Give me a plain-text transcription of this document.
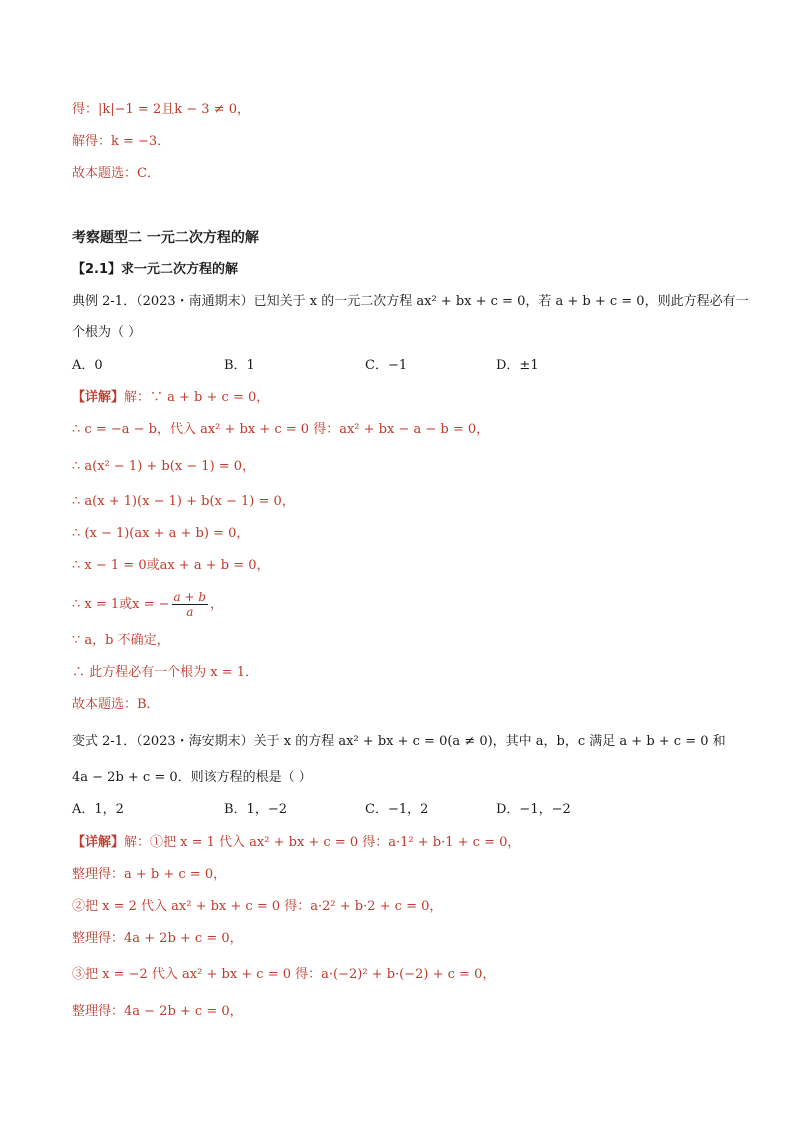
得：|k|−1 = 2且k − 3 ≠ 0，
解得：k = −3．
故本题选：C．
考察题型二 一元二次方程的解
【2.1】求一元二次方程的解
典例 2-1．（2023・南通期末）已知关于 x 的一元二次方程 ax² + bx + c = 0，若 a + b + c = 0，则此方程必有一
个根为（ ）
A．0	B．1	C．−1	D．±1
【详解】解：∵ a + b + c = 0，
∴ c = −a − b，代入 ax² + bx + c = 0 得：ax² + bx − a − b = 0，
∴ a(x² − 1) + b(x − 1) = 0，
∴ a(x + 1)(x − 1) + b(x − 1) = 0，
∴ (x − 1)(ax + a + b) = 0，
∴ x − 1 = 0或ax + a + b = 0，
∴ x = 1或x = − $\frac{a + b}{a}$ ，
∵ a，b 不确定，
∴ 此方程必有一个根为 x = 1．
故本题选：B．
变式 2-1．（2023・海安期末）关于 x 的方程 ax² + bx + c = 0(a ≠ 0)，其中 a，b，c 满足 a + b + c = 0 和
4a − 2b + c = 0．则该方程的根是（ ）
A．1，2	B．1，−2	C．−1，2	D．−1，−2
【详解】解：①把 x = 1 代入 ax² + bx + c = 0 得：a·1² + b·1 + c = 0，
整理得：a + b + c = 0，
②把 x = 2 代入 ax² + bx + c = 0 得：a·2² + b·2 + c = 0，
整理得：4a + 2b + c = 0，
③把 x = −2 代入 ax² + bx + c = 0 得：a·(−2)² + b·(−2) + c = 0，
整理得：4a − 2b + c = 0，
